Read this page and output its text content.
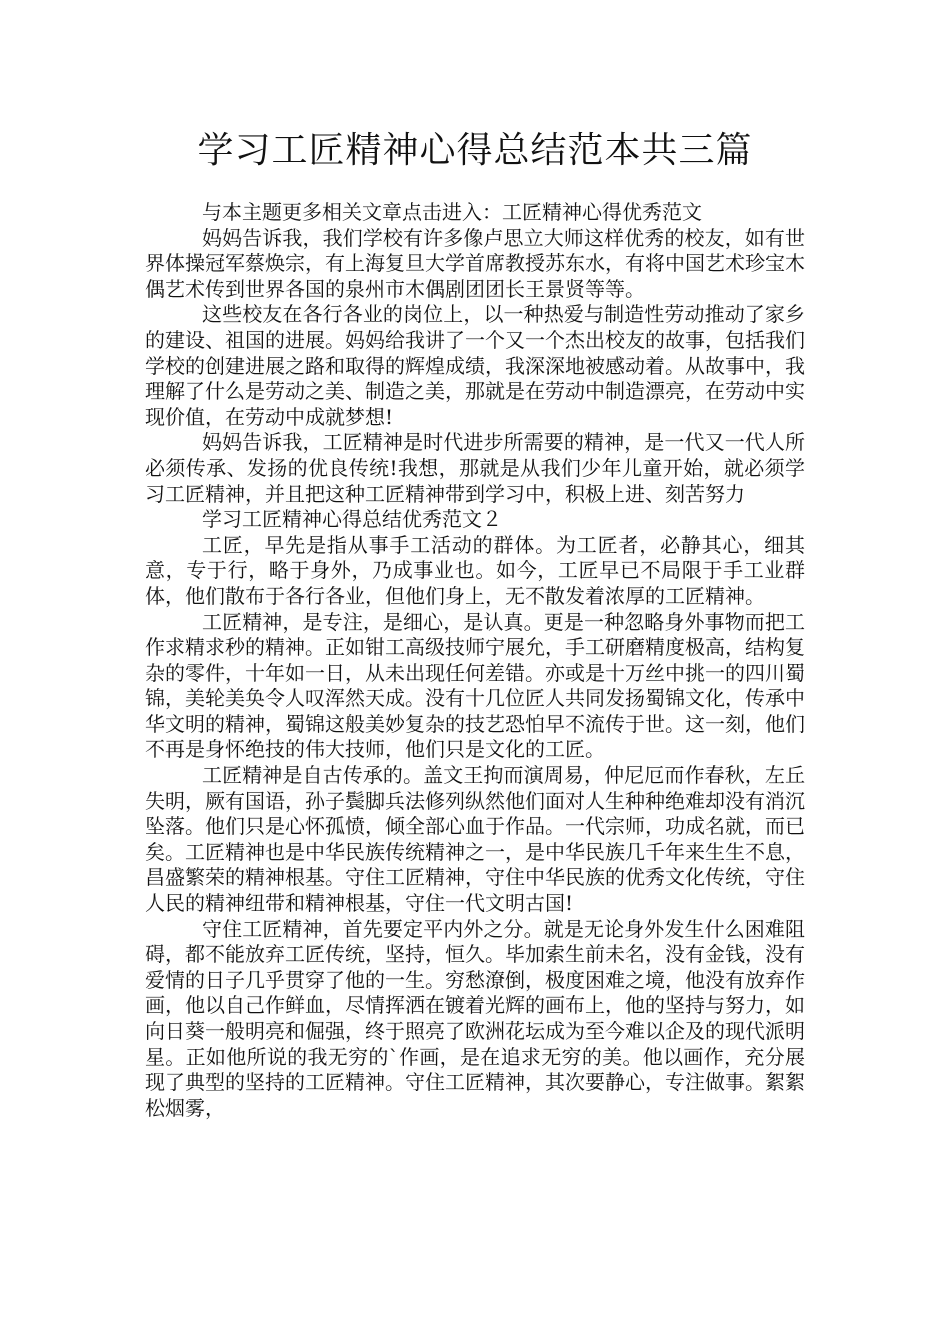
学习工匠精神心得总结范本共三篇

与本主题更多相关文章点击进入：工匠精神心得优秀范文

妈妈告诉我，我们学校有许多像卢思立大师这样优秀的校友，如有世界体操冠军蔡焕宗，有上海复旦大学首席教授苏东水，有将中国艺术珍宝木偶艺术传到世界各国的泉州市木偶剧团团长王景贤等等。

这些校友在各行各业的岗位上，以一种热爱与制造性劳动推动了家乡的建设、祖国的进展。妈妈给我讲了一个又一个杰出校友的故事，包括我们学校的创建进展之路和取得的辉煌成绩，我深深地被感动着。从故事中，我理解了什么是劳动之美、制造之美，那就是在劳动中制造漂亮，在劳动中实现价值，在劳动中成就梦想!

妈妈告诉我，工匠精神是时代进步所需要的精神，是一代又一代人所必须传承、发扬的优良传统!我想，那就是从我们少年儿童开始，就必须学习工匠精神，并且把这种工匠精神带到学习中，积极上进、刻苦努力

学习工匠精神心得总结优秀范文２

工匠，早先是指从事手工活动的群体。为工匠者，必静其心，细其意，专于行，略于身外，乃成事业也。如今，工匠早已不局限于手工业群体，他们散布于各行各业，但他们身上，无不散发着浓厚的工匠精神。

工匠精神，是专注，是细心，是认真。更是一种忽略身外事物而把工作求精求秒的精神。正如钳工高级技师宁展允，手工研磨精度极高，结构复杂的零件，十年如一日，从未出现任何差错。亦或是十万丝中挑一的四川蜀锦，美轮美奂令人叹浑然天成。没有十几位匠人共同发扬蜀锦文化，传承中华文明的精神，蜀锦这般美妙复杂的技艺恐怕早不流传于世。这一刻，他们不再是身怀绝技的伟大技师，他们只是文化的工匠。

工匠精神是自古传承的。盖文王拘而演周易，仲尼厄而作春秋，左丘失明，厥有国语，孙子鬓脚兵法修列纵然他们面对人生种种绝难却没有消沉坠落。他们只是心怀孤愤，倾全部心血于作品。一代宗师，功成名就，而已矣。工匠精神也是中华民族传统精神之一，是中华民族几千年来生生不息，昌盛繁荣的精神根基。守住工匠精神，守住中华民族的优秀文化传统，守住人民的精神纽带和精神根基，守住一代文明古国!

守住工匠精神，首先要定平内外之分。就是无论身外发生什么困难阻碍，都不能放弃工匠传统，坚持，恒久。毕加索生前未名，没有金钱，没有爱情的日子几乎贯穿了他的一生。穷愁潦倒，极度困难之境，他没有放弃作画，他以自己作鲜血，尽情挥洒在镀着光辉的画布上，他的坚持与努力，如向日葵一般明亮和倔强，终于照亮了欧洲花坛成为至今难以企及的现代派明星。正如他所说的我无穷的`作画，是在追求无穷的美。他以画作，充分展现了典型的坚持的工匠精神。守住工匠精神，其次要静心，专注做事。絮絮松烟雾，
